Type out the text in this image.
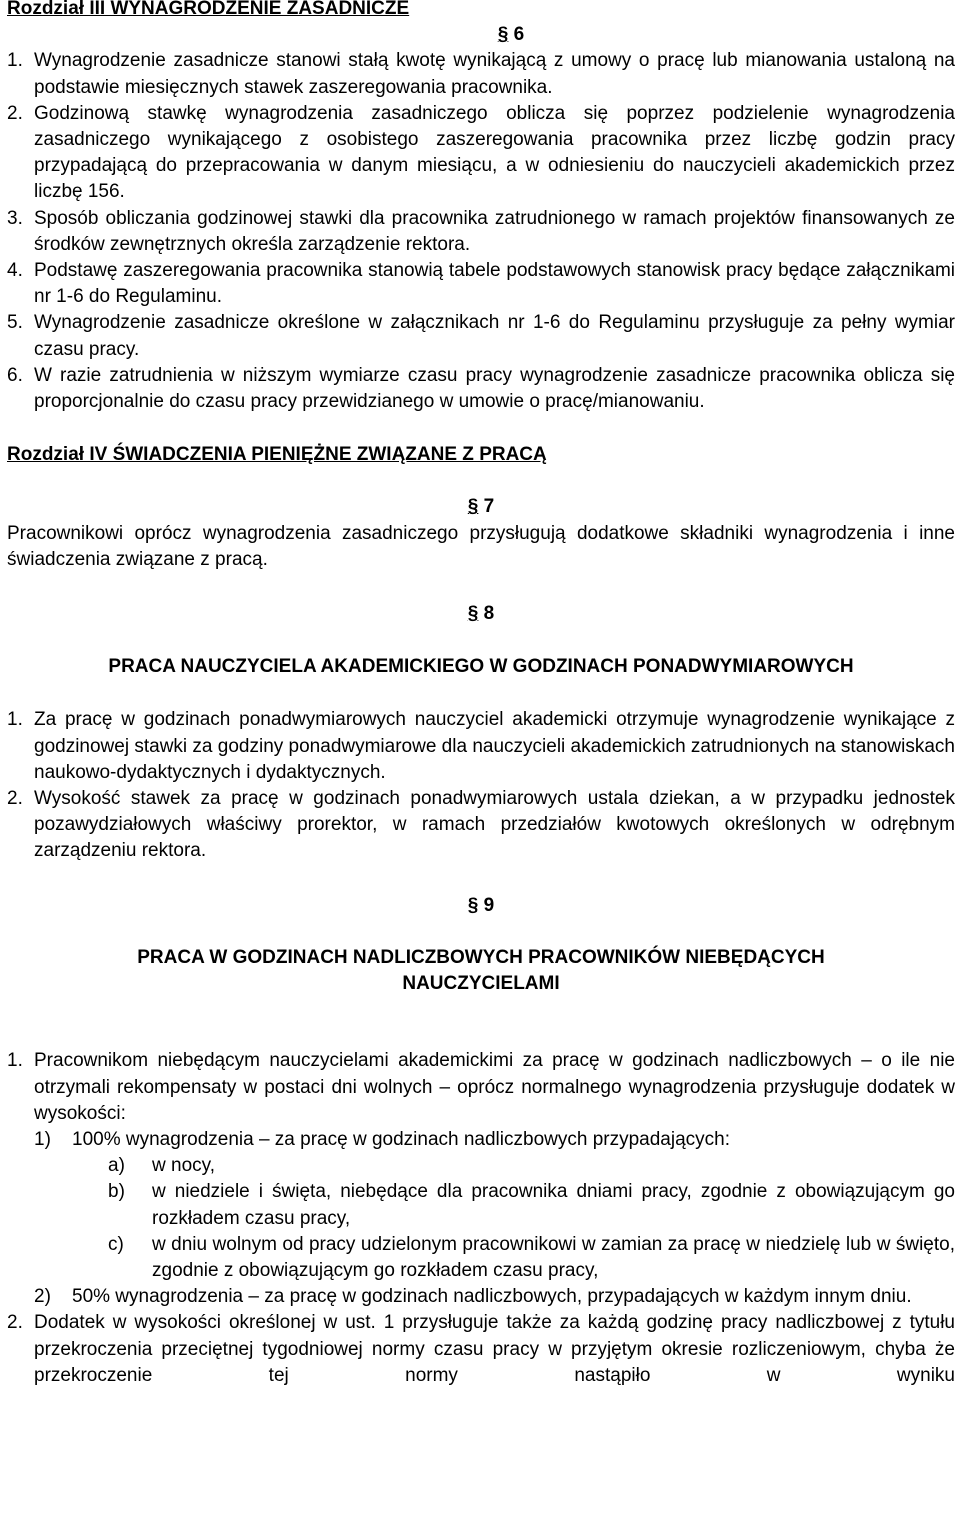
Rozdział III WYNAGRODZENIE ZASADNICZE

§ 6

1. Wynagrodzenie zasadnicze stanowi stałą kwotę wynikającą z umowy o pracę lub mianowania ustaloną na podstawie miesięcznych stawek zaszeregowania pracownika.
2. Godzinową stawkę wynagrodzenia zasadniczego oblicza się poprzez podzielenie wynagrodzenia zasadniczego wynikającego z osobistego zaszeregowania pracownika przez liczbę godzin pracy przypadającą do przepracowania w danym miesiącu, a w odniesieniu do nauczycieli akademickich przez liczbę 156.
3. Sposób obliczania godzinowej stawki dla pracownika zatrudnionego w ramach projektów finansowanych ze środków zewnętrznych określa zarządzenie rektora.
4. Podstawę zaszeregowania pracownika stanowią tabele podstawowych stanowisk pracy będące załącznikami nr 1-6 do Regulaminu.
5. Wynagrodzenie zasadnicze określone w załącznikach nr 1-6 do Regulaminu przysługuje za pełny wymiar czasu pracy.
6. W razie zatrudnienia w niższym wymiarze czasu pracy wynagrodzenie zasadnicze pracownika oblicza się proporcjonalnie do czasu pracy przewidzianego w umowie o pracę/mianowaniu.

Rozdział IV ŚWIADCZENIA PIENIĘŻNE ZWIĄZANE Z PRACĄ

§ 7

Pracownikowi oprócz wynagrodzenia zasadniczego przysługują dodatkowe składniki wynagrodzenia i inne świadczenia związane z pracą.

§ 8

PRACA NAUCZYCIELA AKADEMICKIEGO W GODZINACH PONADWYMIAROWYCH

1. Za pracę w godzinach ponadwymiarowych nauczyciel akademicki otrzymuje wynagrodzenie wynikające z godzinowej stawki za godziny ponadwymiarowe dla nauczycieli akademickich zatrudnionych na stanowiskach naukowo-dydaktycznych i dydaktycznych.
2. Wysokość stawek za pracę w godzinach ponadwymiarowych ustala dziekan, a w przypadku jednostek pozawydziałowych właściwy prorektor, w ramach przedziałów kwotowych określonych w odrębnym zarządzeniu rektora.

§ 9

PRACA W GODZINACH NADLICZBOWYCH PRACOWNIKÓW NIEBĘDĄCYCH

NAUCZYCIELAMI

1. Pracownikom niebędącym nauczycielami akademickimi za pracę w godzinach nadliczbowych – o ile nie otrzymali rekompensaty w postaci dni wolnych – oprócz normalnego wynagrodzenia przysługuje dodatek w wysokości:
1)	100% wynagrodzenia – za pracę w godzinach nadliczbowych przypadających:
a)	w nocy,
b)	w niedziele i święta, niebędące dla pracownika dniami pracy, zgodnie z obowiązującym go rozkładem czasu pracy,
c)	w dniu wolnym od pracy udzielonym pracownikowi w zamian za pracę w niedzielę lub w święto, zgodnie z obowiązującym go rozkładem czasu pracy,
2)	50% wynagrodzenia – za pracę w godzinach nadliczbowych, przypadających w każdym innym dniu.
2. Dodatek w wysokości określonej w ust. 1 przysługuje także za każdą godzinę pracy nadliczbowej z tytułu przekroczenia przeciętnej tygodniowej normy czasu pracy w przyjętym okresie rozliczeniowym, chyba że przekroczenie tej normy nastąpiło w wyniku
